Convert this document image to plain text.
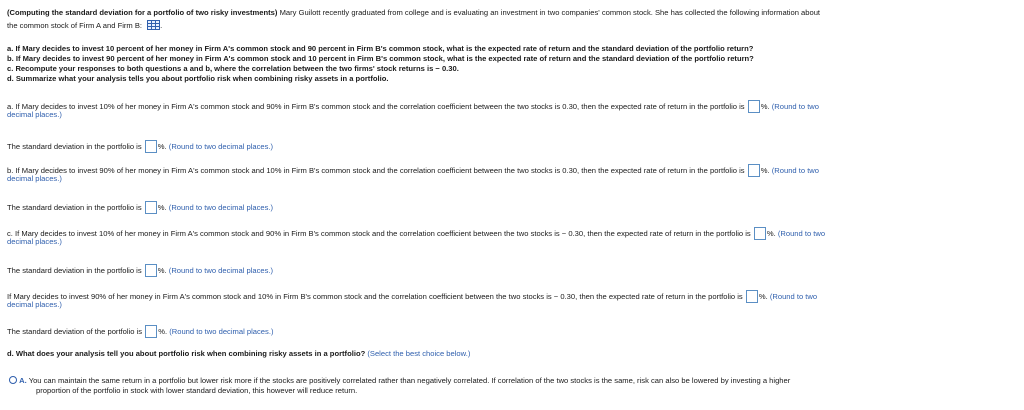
(Computing the standard deviation for a portfolio of two risky investments) Mary Guilott recently graduated from college and is evaluating an investment in two companies' common stock. She has collected the following information about
the common stock of Firm A and Firm B: .
a. If Mary decides to invest 10 percent of her money in Firm A's common stock and 90 percent in Firm B's common stock, what is the expected rate of return and the standard deviation of the portfolio return?
b. If Mary decides to invest 90 percent of her money in Firm A's common stock and 10 percent in Firm B's common stock, what is the expected rate of return and the standard deviation of the portfolio return?
c. Recompute your responses to both questions a and b, where the correlation between the two firms' stock returns is − 0.30.
d. Summarize what your analysis tells you about portfolio risk when combining risky assets in a portfolio.
a. If Mary decides to invest 10% of her money in Firm A's common stock and 90% in Firm B's common stock and the correlation coefficient between the two stocks is 0.30, then the expected rate of return in the portfolio is %. (Round to two
decimal places.)
The standard deviation in the portfolio is %. (Round to two decimal places.)
b. If Mary decides to invest 90% of her money in Firm A's common stock and 10% in Firm B's common stock and the correlation coefficient between the two stocks is 0.30, then the expected rate of return in the portfolio is %. (Round to two
decimal places.)
The standard deviation in the portfolio is %. (Round to two decimal places.)
c. If Mary decides to invest 10% of her money in Firm A's common stock and 90% in Firm B's common stock and the correlation coefficient between the two stocks is − 0.30, then the expected rate of return in the portfolio is %. (Round to two
decimal places.)
The standard deviation in the portfolio is %. (Round to two decimal places.)
If Mary decides to invest 90% of her money in Firm A's common stock and 10% in Firm B's common stock and the correlation coefficient between the two stocks is − 0.30, then the expected rate of return in the portfolio is %. (Round to two
decimal places.)
The standard deviation of the portfolio is %. (Round to two decimal places.)
d. What does your analysis tell you about portfolio risk when combining risky assets in a portfolio? (Select the best choice below.)
A. You can maintain the same return in a portfolio but lower risk more if the stocks are positively correlated rather than negatively correlated. If correlation of the two stocks is the same, risk can also be lowered by investing a higher
proportion of the portfolio in stock with lower standard deviation, this however will reduce return.
